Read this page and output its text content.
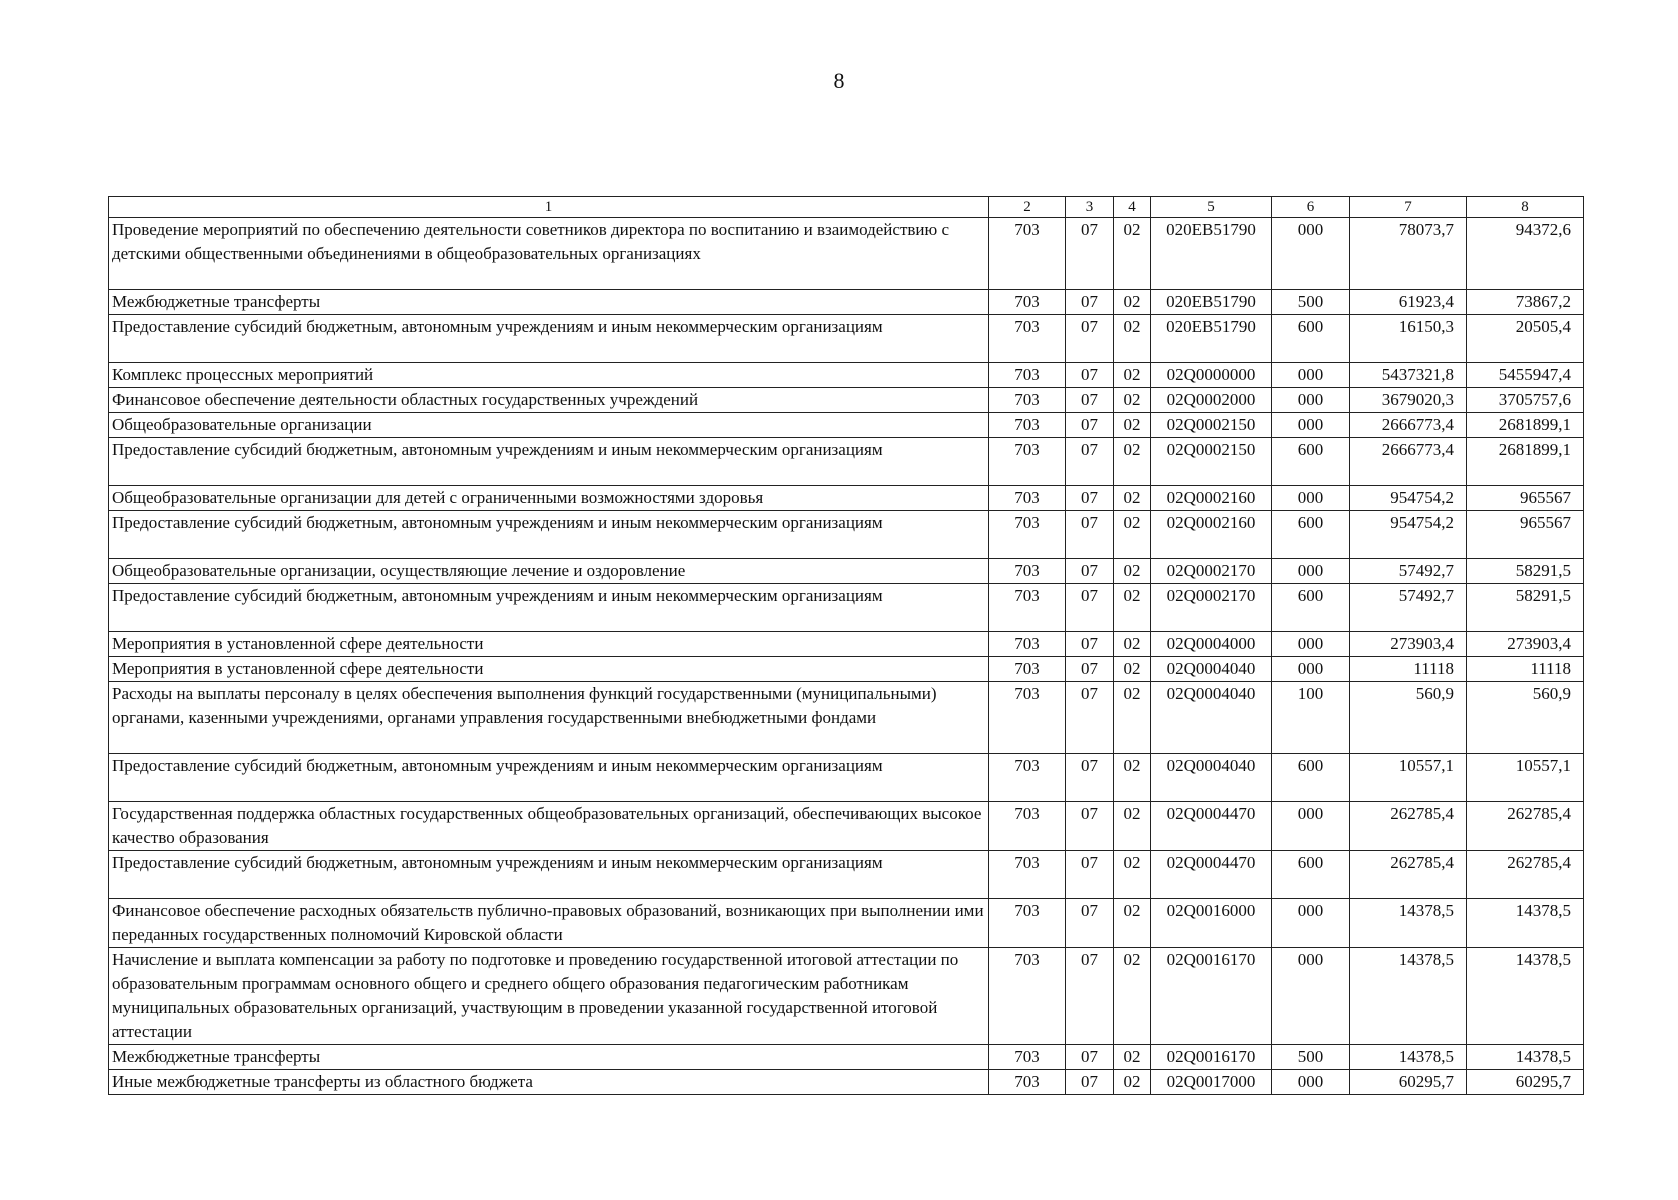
8
1	2	3	4	5	6	7	8
Проведение мероприятий по обеспечению деятельности советников директора по воспитанию и взаимодействию с детскими общественными объединениями в общеобразовательных организациях	703	07	02	020EB51790	000	78073,7	94372,6
Межбюджетные трансферты	703	07	02	020EB51790	500	61923,4	73867,2
Предоставление субсидий бюджетным, автономным учреждениям и иным некоммерческим организациям	703	07	02	020EB51790	600	16150,3	20505,4
Комплекс процессных мероприятий	703	07	02	02Q0000000	000	5437321,8	5455947,4
Финансовое обеспечение деятельности областных государственных учреждений	703	07	02	02Q0002000	000	3679020,3	3705757,6
Общеобразовательные организации	703	07	02	02Q0002150	000	2666773,4	2681899,1
Предоставление субсидий бюджетным, автономным учреждениям и иным некоммерческим организациям	703	07	02	02Q0002150	600	2666773,4	2681899,1
Общеобразовательные организации для детей с ограниченными возможностями здоровья	703	07	02	02Q0002160	000	954754,2	965567
Предоставление субсидий бюджетным, автономным учреждениям и иным некоммерческим организациям	703	07	02	02Q0002160	600	954754,2	965567
Общеобразовательные организации, осуществляющие лечение и оздоровление	703	07	02	02Q0002170	000	57492,7	58291,5
Предоставление субсидий бюджетным, автономным учреждениям и иным некоммерческим организациям	703	07	02	02Q0002170	600	57492,7	58291,5
Мероприятия в установленной сфере деятельности	703	07	02	02Q0004000	000	273903,4	273903,4
Мероприятия в установленной сфере деятельности	703	07	02	02Q0004040	000	11118	11118
Расходы на выплаты персоналу в целях обеспечения выполнения функций государственными (муниципальными) органами, казенными учреждениями, органами управления государственными внебюджетными фондами	703	07	02	02Q0004040	100	560,9	560,9
Предоставление субсидий бюджетным, автономным учреждениям и иным некоммерческим организациям	703	07	02	02Q0004040	600	10557,1	10557,1
Государственная поддержка областных государственных общеобразовательных организаций, обеспечивающих высокое качество образования	703	07	02	02Q0004470	000	262785,4	262785,4
Предоставление субсидий бюджетным, автономным учреждениям и иным некоммерческим организациям	703	07	02	02Q0004470	600	262785,4	262785,4
Финансовое обеспечение расходных обязательств публично-правовых образований, возникающих при выполнении ими переданных государственных полномочий Кировской области	703	07	02	02Q0016000	000	14378,5	14378,5
Начисление и выплата компенсации за работу по подготовке и проведению государственной итоговой аттестации по образовательным программам основного общего и среднего общего образования педагогическим работникам муниципальных образовательных организаций, участвующим в проведении указанной государственной итоговой аттестации	703	07	02	02Q0016170	000	14378,5	14378,5
Межбюджетные трансферты	703	07	02	02Q0016170	500	14378,5	14378,5
Иные межбюджетные трансферты из областного бюджета	703	07	02	02Q0017000	000	60295,7	60295,7
